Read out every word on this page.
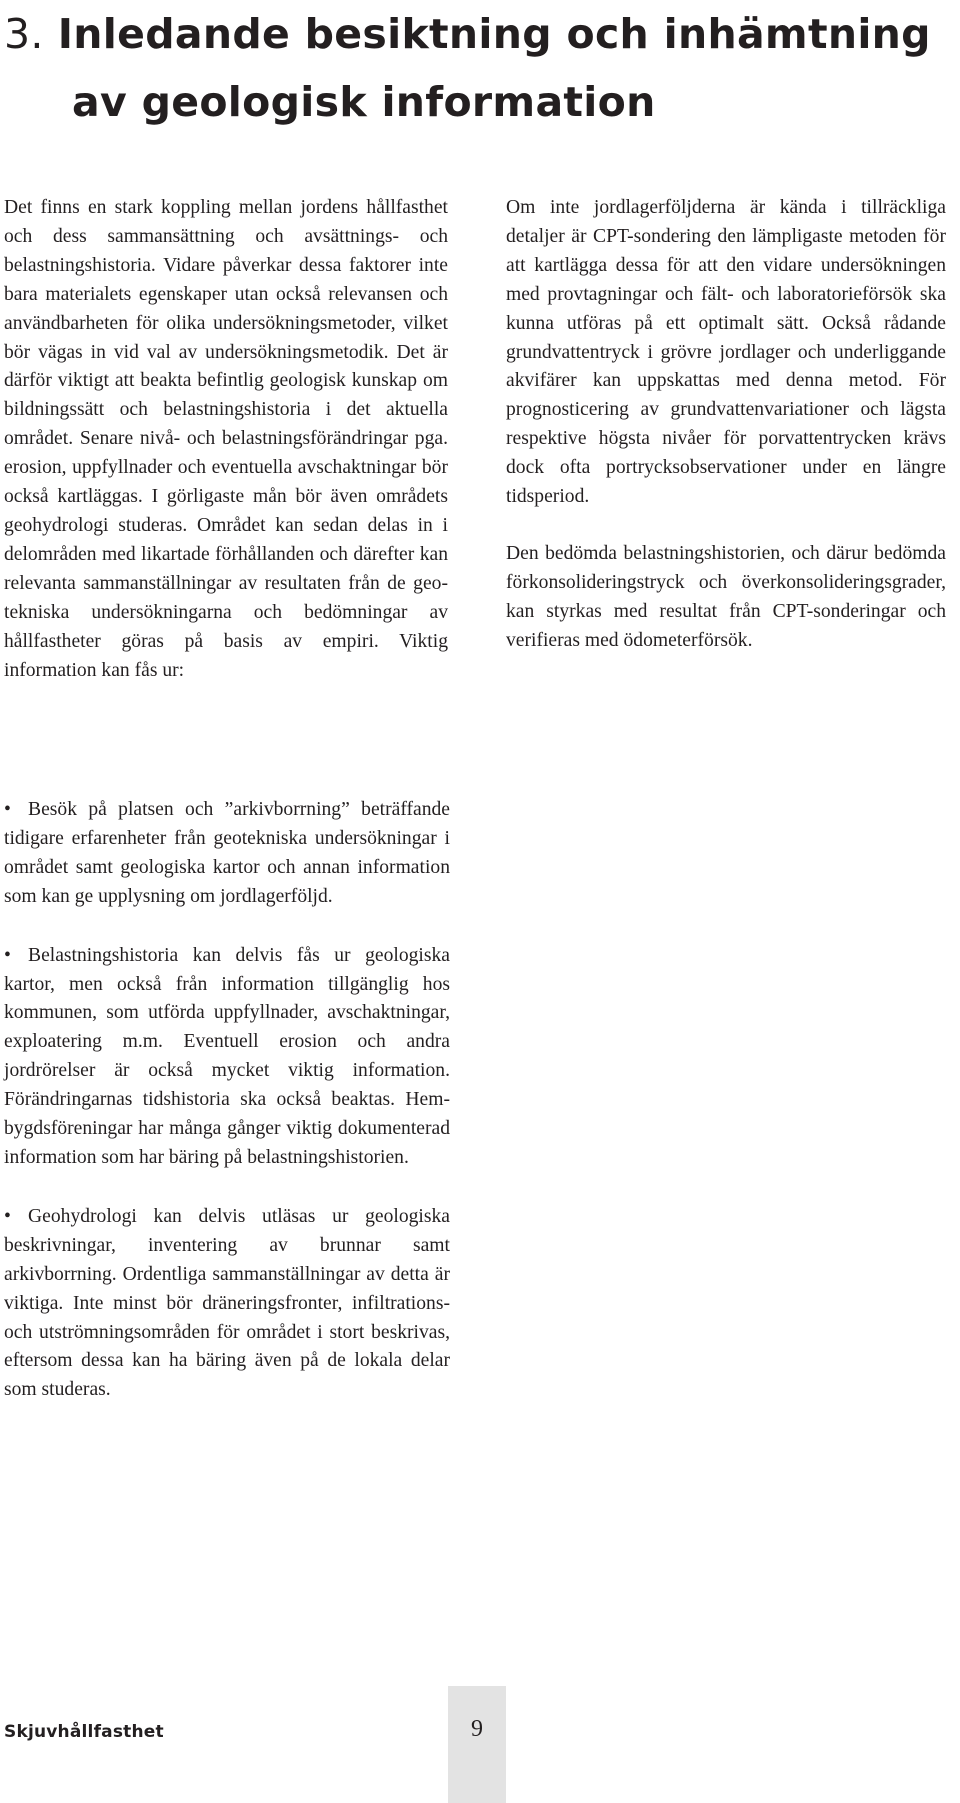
3. Inledande besiktning och inhämtning
av geologisk information

Det finns en stark koppling mellan jordens hållfasthet och dess sammansättning och avsättnings- och belastningshistoria. Vidare påverkar dessa faktorer inte bara materialets egenskaper utan också relevansen och användbarheten för olika undersökningsmetoder, vilket bör vägas in vid val av undersökningsmetodik. Det är därför viktigt att beakta befintlig geologisk kunskap om bildningssätt och belastningshistoria i det aktuella området. Senare nivå- och belastningsförändringar pga. erosion, uppfyllnader och eventuella avschaktningar bör också kartläggas. I görligaste mån bör även områdets geohydrologi studeras. Området kan sedan delas in i delområden med likartade förhållanden och därefter kan relevanta sammanställningar av resultaten från de geotekniska undersökningarna och bedömningar av hållfastheter göras på basis av empiri. Viktig information kan fås ur:

• Besök på platsen och ”arkivborrning” beträffande tidigare erfarenheter från geotekniska undersökningar i området samt geologiska kartor och annan information som kan ge upplysning om jordlagerföljd.
• Belastningshistoria kan delvis fås ur geologiska kartor, men också från information tillgänglig hos kommunen, som utförda uppfyllnader, avschaktningar, exploatering m.m. Eventuell erosion och andra jordrörelser är också mycket viktig information. Förändringarnas tidshistoria ska också beaktas. Hembygdsföreningar har många gånger viktig dokumenterad information som har bäring på belastningshistorien.
• Geohydrologi kan delvis utläsas ur geologiska beskrivningar, inventering av brunnar samt arkivborrning. Ordentliga sammanställningar av detta är viktiga. Inte minst bör dräneringsfronter, infiltrations- och utströmningsområden för området i stort beskrivas, eftersom dessa kan ha bäring även på de lokala delar som studeras.

Om inte jordlagerföljderna är kända i tillräckliga detaljer är CPT-sondering den lämpligaste metoden för att kartlägga dessa för att den vidare undersökningen med provtagningar och fält- och laboratorieförsök ska kunna utföras på ett optimalt sätt. Också rådande grundvattentryck i grövre jordlager och underliggande akvifärer kan uppskattas med denna metod. För prognosticering av grundvattenvariationer och lägsta respektive högsta nivåer för porvattentrycken krävs dock ofta portrycksobservationer under en längre tidsperiod.

Den bedömda belastningshistorien, och därur bedömda förkonsolideringstryck och överkonsolideringsgrader, kan styrkas med resultat från CPT-sonderingar och verifieras med ödometerförsök.

Skjuvhållfasthet	9
